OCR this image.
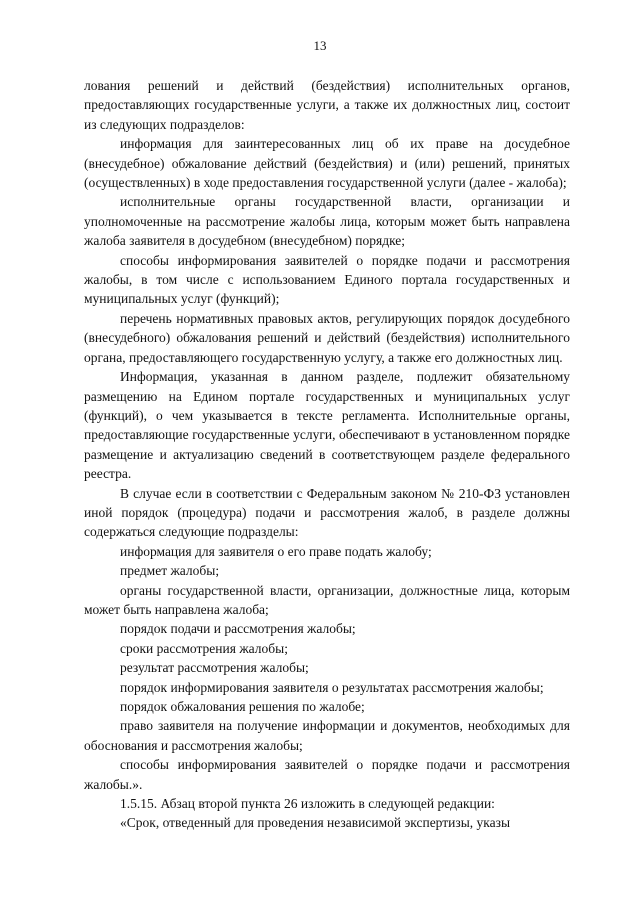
13

лования решений и действий (бездействия) исполнительных органов, предоставляющих государственные услуги, а также их должностных лиц, состоит из следующих подразделов:

информация для заинтересованных лиц об их праве на досудебное (внесудебное) обжалование действий (бездействия) и (или) решений, принятых (осуществленных) в ходе предоставления государственной услуги (далее - жалоба);

исполнительные органы государственной власти, организации и уполномоченные на рассмотрение жалобы лица, которым может быть направлена жалоба заявителя в досудебном (внесудебном) порядке;

способы информирования заявителей о порядке подачи и рассмотрения жалобы, в том числе с использованием Единого портала государственных и муниципальных услуг (функций);

перечень нормативных правовых актов, регулирующих порядок досудебного (внесудебного) обжалования решений и действий (бездействия) исполнительного органа, предоставляющего государственную услугу, а также его должностных лиц.

Информация, указанная в данном разделе, подлежит обязательному размещению на Едином портале государственных и муниципальных услуг (функций), о чем указывается в тексте регламента. Исполнительные органы, предоставляющие государственные услуги, обеспечивают в установленном порядке размещение и актуализацию сведений в соответствующем разделе федерального реестра.

В случае если в соответствии с Федеральным законом № 210-ФЗ установлен иной порядок (процедура) подачи и рассмотрения жалоб, в разделе должны содержаться следующие подразделы:

информация для заявителя о его праве подать жалобу;

предмет жалобы;

органы государственной власти, организации, должностные лица, которым может быть направлена жалоба;

порядок подачи и рассмотрения жалобы;

сроки рассмотрения жалобы;

результат рассмотрения жалобы;

порядок информирования заявителя о результатах рассмотрения жалобы;

порядок обжалования решения по жалобе;

право заявителя на получение информации и документов, необходимых для обоснования и рассмотрения жалобы;

способы информирования заявителей о порядке подачи и рассмотрения жалобы.».

1.5.15. Абзац второй пункта 26 изложить в следующей редакции:

«Срок, отведенный для проведения независимой экспертизы, указы
